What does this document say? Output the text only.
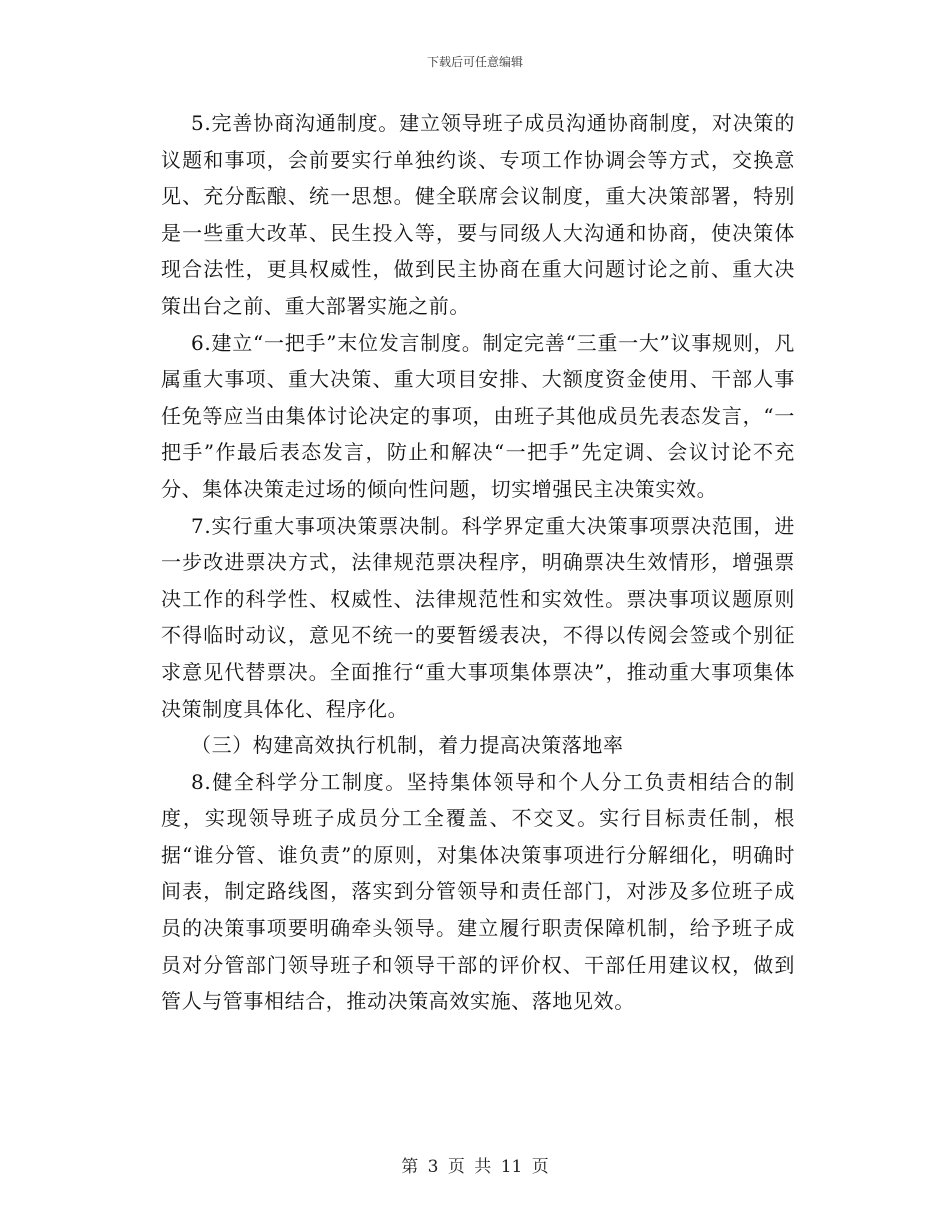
下载后可任意编辑

5.完善协商沟通制度。建立领导班子成员沟通协商制度，对决策的议题和事项，会前要实行单独约谈、专项工作协调会等方式，交换意见、充分酝酿、统一思想。健全联席会议制度，重大决策部署，特别是一些重大改革、民生投入等，要与同级人大沟通和协商，使决策体现合法性，更具权威性，做到民主协商在重大问题讨论之前、重大决策出台之前、重大部署实施之前。

6.建立“一把手”末位发言制度。制定完善“三重一大”议事规则，凡属重大事项、重大决策、重大项目安排、大额度资金使用、干部人事任免等应当由集体讨论决定的事项，由班子其他成员先表态发言，“一把手”作最后表态发言，防止和解决“一把手”先定调、会议讨论不充分、集体决策走过场的倾向性问题，切实增强民主决策实效。

7.实行重大事项决策票决制。科学界定重大决策事项票决范围，进一步改进票决方式，法律规范票决程序，明确票决生效情形，增强票决工作的科学性、权威性、法律规范性和实效性。票决事项议题原则不得临时动议，意见不统一的要暂缓表决，不得以传阅会签或个别征求意见代替票决。全面推行“重大事项集体票决”，推动重大事项集体决策制度具体化、程序化。

（三）构建高效执行机制，着力提高决策落地率

8.健全科学分工制度。坚持集体领导和个人分工负责相结合的制度，实现领导班子成员分工全覆盖、不交叉。实行目标责任制，根据“谁分管、谁负责”的原则，对集体决策事项进行分解细化，明确时间表，制定路线图，落实到分管领导和责任部门，对涉及多位班子成员的决策事项要明确牵头领导。建立履行职责保障机制，给予班子成员对分管部门领导班子和领导干部的评价权、干部任用建议权，做到管人与管事相结合，推动决策高效实施、落地见效。

第 3 页 共 11 页
